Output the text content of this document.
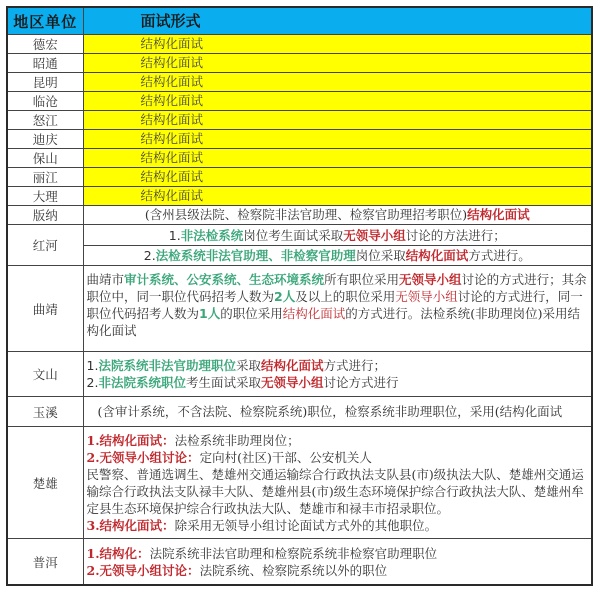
地区单位	面试形式
德宏	结构化面试
昭通	结构化面试
昆明	结构化面试
临沧	结构化面试
怒江	结构化面试
迪庆	结构化面试
保山	结构化面试
丽江	结构化面试
大理	结构化面试
版纳	(含州县级法院、检察院非法官助理、检察官助理招考职位)结构化面试
红河	1.非法检系统岗位考生面试采取无领导小组讨论的方法进行；
2.法检系统非法官助理、非检察官助理岗位采取结构化面试方式进行。

曲靖	曲靖市审计系统、公安系统、生态环境系统所有职位采用无领导小组讨论的方式进行；其余职位中，同一职位代码招考人数为2人及以上的职位采用无领导小组讨论的方式进行，同一职位代码招考人数为1人的职位采用结构化面试的方式进行。法检系统(非助理岗位)采用结构化面试
文山	1.法院系统非法官助理职位采取结构化面试方式进行；
2.非法院系统职位考生面试采取无领导小组讨论方式进行

玉溪	(含审计系统，不含法院、检察院系统)职位，检察系统非助理职位，采用(结构化面试
楚雄	1.结构化面试：法检系统非助理岗位；
2.无领导小组讨论：定向村(社区)干部、公安机关人
民警察、普通选调生、楚雄州交通运输综合行政执法支队县(市)级执法大队、楚雄州交通运输综合行政执法支队禄丰大队、楚雄州县(市)级生态环境保护综合行政执法大队、楚雄州牟定县生态环境保护综合行政执法大队、楚雄市和禄丰市招录职位。
3.结构化面试：除采用无领导小组讨论面试方式外的其他职位。

普洱	1.结构化：法院系统非法官助理和检察院系统非检察官助理职位
2.无领导小组讨论：法院系统、检察院系统以外的职位
